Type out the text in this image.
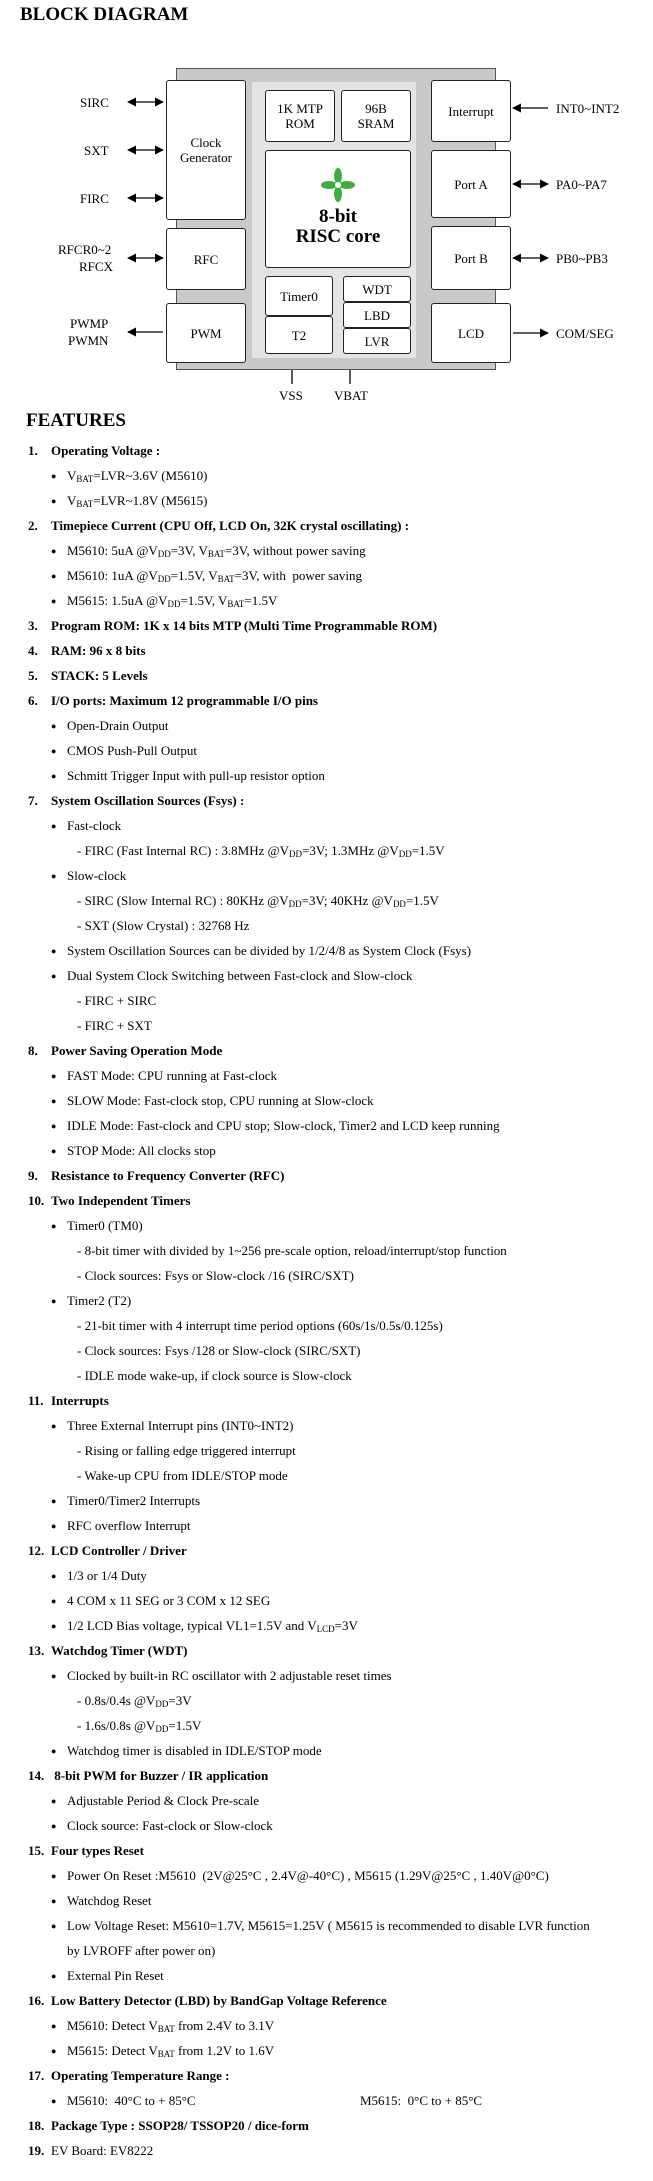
BLOCK DIAGRAM
SIRC
SXT
FIRC
RFCR0~2
RFCX
PWMP
PWMN
INT0~INT2
PA0~PA7
PB0~PB3
COM/SEG
VSS VBAT
Clock
Generator
RFC
PWM
1K MTP
ROM
96B
SRAM
8-bit
RISC core
Timer0
T2
WDT
LBD
LVR
Interrupt
Port A
Port B
LCD
FEATURES
1. Operating Voltage :
$V_{BAT}=LVR\sim 3.6V$ (M5610)
$V_{BAT}=LVR\sim 1.8V$ (M5615)
2. Timepiece Current (CPU Off, LCD On, 32K crystal oscillating) :
M5610: 5uA $@V_{DD}=3V$, $V_{BAT}=3V$, without power saving
M5610: 1uA $@V_{DD}=1.5V$, $V_{BAT}=3V$, with  power saving
M5615: 1.5uA $@V_{DD}=1.5V$, $V_{BAT}=1.5V$
3. Program ROM: 1K x 14 bits MTP (Multi Time Programmable ROM)
4. RAM: 96 x 8 bits
5. STACK: 5 Levels
6. I/O ports: Maximum 12 programmable I/O pins
Open-Drain Output
CMOS Push-Pull Output
Schmitt Trigger Input with pull-up resistor option
7. System Oscillation Sources (Fsys) :
Fast-clock
- FIRC (Fast Internal RC) : 3.8MHz $@V_{DD}=3V$; 1.3MHz $@V_{DD}=1.5V$
Slow-clock
- SIRC (Slow Internal RC) : 80KHz $@V_{DD}=3V$; 40KHz $@V_{DD}=1.5V$
- SXT (Slow Crystal) : 32768 Hz
System Oscillation Sources can be divided by 1/2/4/8 as System Clock (Fsys)
Dual System Clock Switching between Fast-clock and Slow-clock
- FIRC + SIRC
- FIRC + SXT
8. Power Saving Operation Mode
FAST Mode: CPU running at Fast-clock
SLOW Mode: Fast-clock stop, CPU running at Slow-clock
IDLE Mode: Fast-clock and CPU stop; Slow-clock, Timer2 and LCD keep running
STOP Mode: All clocks stop
9. Resistance to Frequency Converter (RFC)
10. Two Independent Timers
Timer0 (TM0)
- 8-bit timer with divided by 1~256 pre-scale option, reload/interrupt/stop function
- Clock sources: Fsys or Slow-clock /16 (SIRC/SXT)
Timer2 (T2)
- 21-bit timer with 4 interrupt time period options (60s/1s/0.5s/0.125s)
- Clock sources: Fsys /128 or Slow-clock (SIRC/SXT)
- IDLE mode wake-up, if clock source is Slow-clock
11. Interrupts
Three External Interrupt pins (INT0~INT2)
- Rising or falling edge triggered interrupt
- Wake-up CPU from IDLE/STOP mode
Timer0/Timer2 Interrupts
RFC overflow Interrupt
12. LCD Controller / Driver
1/3 or 1/4 Duty
4 COM x 11 SEG or 3 COM x 12 SEG
1/2 LCD Bias voltage, typical VL1=1.5V and $V_{LCD}=3V$
13. Watchdog Timer (WDT)
Clocked by built-in RC oscillator with 2 adjustable reset times
- 0.8s/0.4s $@V_{DD}=3V$
- 1.6s/0.8s $@V_{DD}=1.5V$
Watchdog timer is disabled in IDLE/STOP mode
14. 8-bit PWM for Buzzer / IR application
Adjustable Period & Clock Pre-scale
Clock source: Fast-clock or Slow-clock
15. Four types Reset
Power On Reset :M5610  (2V@25°C , 2.4V@-40°C) , M5615 (1.29V@25°C , 1.40V@0°C)
Watchdog Reset
Low Voltage Reset: M5610=1.7V, M5615=1.25V ( M5615 is recommended to disable LVR function
by LVROFF after power on)
External Pin Reset
16. Low Battery Detector (LBD) by BandGap Voltage Reference
M5610: Detect $V_{BAT}$ from 2.4V to 3.1V
M5615: Detect $V_{BAT}$ from 1.2V to 1.6V
17. Operating Temperature Range :
M5610:  40°C to + 85°C	M5615:  0°C to + 85°C
18. Package Type : SSOP28/ TSSOP20 / dice-form
19. EV Board: EV8222
